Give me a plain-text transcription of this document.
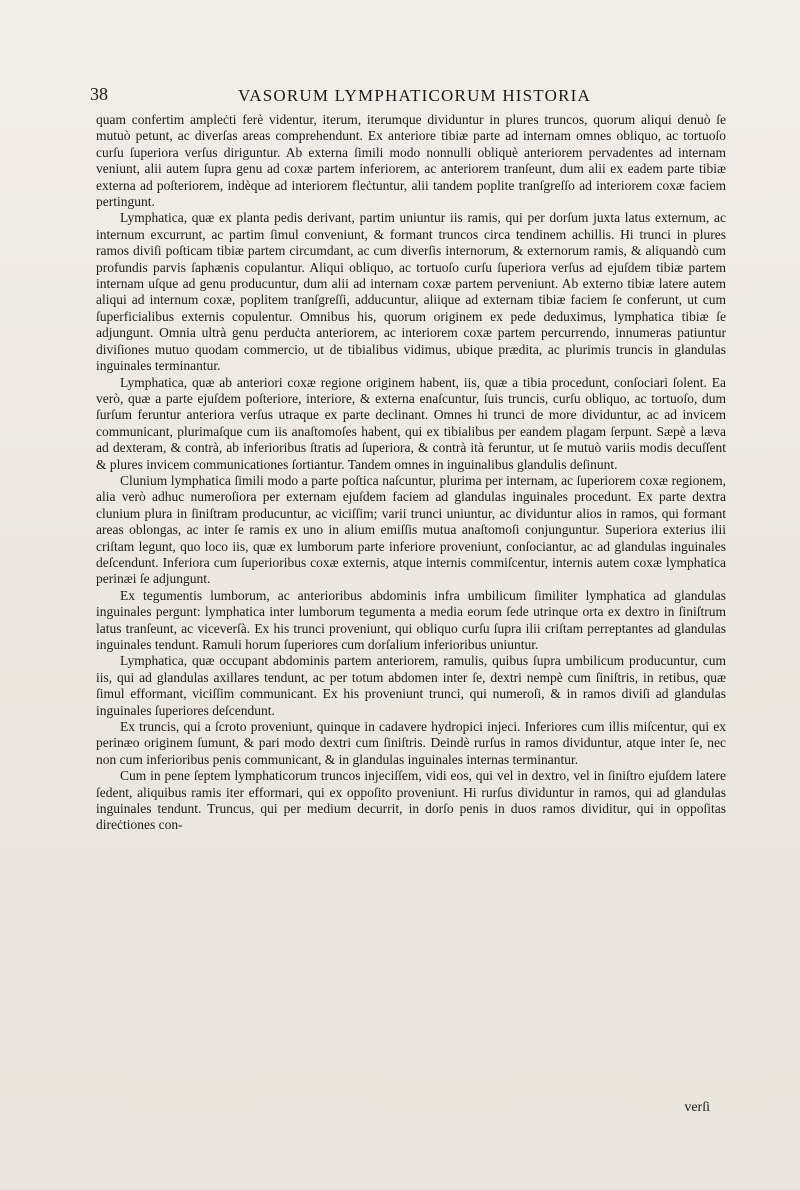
38	VASORUM LYMPHATICORUM HISTORIA

quam confertim ampleċti ferè videntur, iterum, iterumque dividuntur in plures truncos, quorum aliqui denuò ſe mutuò petunt, ac diverſas areas comprehendunt. Ex anteriore tibiæ parte ad internam omnes obliquo, ac tortuoſo curſu ſuperiora verſus diriguntur. Ab externa ſimili modo nonnulli obliquè anteriorem pervadentes ad internam veniunt, alii autem ſupra genu ad coxæ partem inferiorem, ac anteriorem tranſeunt, dum alii ex eadem parte tibiæ externa ad poſteriorem, indèque ad interiorem fleċtuntur, alii tandem poplite tranſgreſſo ad interiorem coxæ faciem pertingunt.

Lymphatica, quæ ex planta pedis derivant, partim uniuntur iis ramis, qui per dorſum juxta latus externum, ac internum excurrunt, ac partim ſimul conveniunt, & formant truncos circa tendinem achillis. Hi trunci in plures ramos diviſi poſticam tibiæ partem circumdant, ac cum diverſis internorum, & externorum ramis, & aliquandò cum profundis parvis ſaphænis copulantur. Aliqui obliquo, ac tortuoſo curſu ſuperiora verſus ad ejuſdem tibiæ partem internam uſque ad genu producuntur, dum alii ad internam coxæ partem perveniunt. Ab externo tibiæ latere autem aliqui ad internum coxæ, poplitem tranſgreſſi, adducuntur, aliique ad externam tibiæ faciem ſe conferunt, ut cum ſuperficialibus externis copulentur. Omnibus his, quorum originem ex pede deduximus, lymphatica tibiæ ſe adjungunt. Omnia ultrà genu perduċta anteriorem, ac interiorem coxæ partem percurrendo, innumeras patiuntur diviſiones mutuo quodam commercio, ut de tibialibus vidimus, ubique prædita, ac plurimis truncis in glandulas inguinales terminantur.

Lymphatica, quæ ab anteriori coxæ regione originem habent, iis, quæ a tibia procedunt, conſociari ſolent. Ea verò, quæ a parte ejuſdem poſteriore, interiore, & externa enaſcuntur, ſuis truncis, curſu obliquo, ac tortuoſo, dum ſurſum feruntur anteriora verſus utraque ex parte declinant. Omnes hi trunci de more dividuntur, ac ad invicem communicant, plurimaſque cum iis anaſtomoſes habent, qui ex tibialibus per eandem plagam ſerpunt. Sæpè a læva ad dexteram, & contrà, ab inferioribus ſtratis ad ſuperiora, & contrà ità feruntur, ut ſe mutuò variis modis decuſſent & plures invicem communicationes ſortiantur. Tandem omnes in inguinalibus glandulis deſinunt.

Clunium lymphatica ſimili modo a parte poſtica naſcuntur, plurima per internam, ac ſuperiorem coxæ regionem, alia verò adhuc numeroſiora per externam ejuſdem faciem ad glandulas inguinales procedunt. Ex parte dextra clunium plura in ſiniſtram producuntur, ac viciſſim; varii trunci uniuntur, ac dividuntur alios in ramos, qui formant areas oblongas, ac inter ſe ramis ex uno in alium emiſſis mutua anaſtomoſi conjunguntur. Superiora exterius ilii criſtam legunt, quo loco iis, quæ ex lumborum parte inferiore proveniunt, conſociantur, ac ad glandulas inguinales deſcendunt. Inferiora cum ſuperioribus coxæ externis, atque internis commiſcentur, internis autem coxæ lymphatica perinæi ſe adjungunt.

Ex tegumentis lumborum, ac anterioribus abdominis infra umbilicum ſimiliter lymphatica ad glandulas inguinales pergunt: lymphatica inter lumborum tegumenta a media eorum ſede utrinque orta ex dextro in ſiniſtrum latus tranſeunt, ac viceverſà. Ex his trunci proveniunt, qui obliquo curſu ſupra ilii criſtam perreptantes ad glandulas inguinales tendunt. Ramuli horum ſuperiores cum dorſalium inferioribus uniuntur.

Lymphatica, quæ occupant abdominis partem anteriorem, ramulis, quibus ſupra umbilicum producuntur, cum iis, qui ad glandulas axillares tendunt, ac per totum abdomen inter ſe, dextri nempè cum ſiniſtris, in retibus, quæ ſimul efformant, viciſſim communicant. Ex his proveniunt trunci, qui numeroſi, & in ramos diviſi ad glandulas inguinales ſuperiores deſcendunt.

Ex truncis, qui a ſcroto proveniunt, quinque in cadavere hydropici injeci. Inferiores cum illis miſcentur, qui ex perinæo originem ſumunt, & pari modo dextri cum ſiniſtris. Deindè rurſus in ramos dividuntur, atque inter ſe, nec non cum inferioribus penis communicant, & in glandulas inguinales internas terminantur.

Cum in pene ſeptem lymphaticorum truncos injeciſſem, vidi eos, qui vel in dextro, vel in ſiniſtro ejuſdem latere ſedent, aliquibus ramis iter efformari, qui ex oppoſito proveniunt. Hi rurſus dividuntur in ramos, qui ad glandulas inguinales tendunt. Truncus, qui per medium decurrit, in dorſo penis in duos ramos dividitur, qui in oppoſitas direċtiones con-

verſi
